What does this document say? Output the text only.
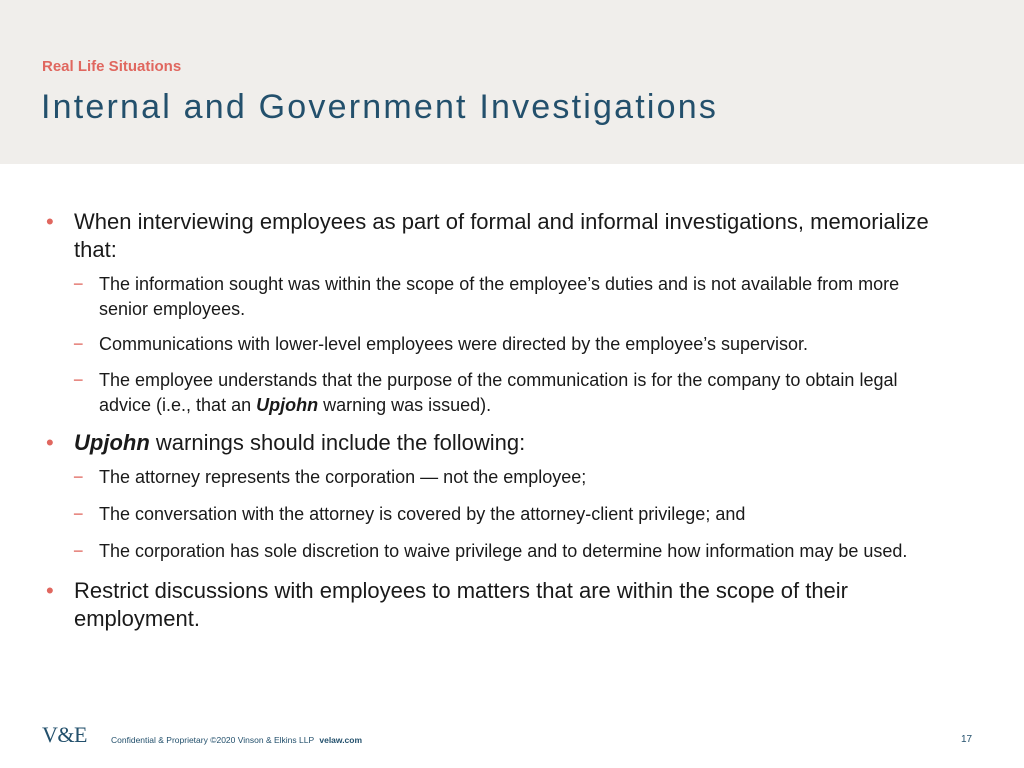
Real Life Situations
Internal and Government Investigations
• When interviewing employees as part of formal and informal investigations, memorialize that:
− The information sought was within the scope of the employee’s duties and is not available from more senior employees.
− Communications with lower-level employees were directed by the employee’s supervisor.
− The employee understands that the purpose of the communication is for the company to obtain legal advice (i.e., that an Upjohn warning was issued).
• Upjohn warnings should include the following:
− The attorney represents the corporation — not the employee;
− The conversation with the attorney is covered by the attorney-client privilege; and
− The corporation has sole discretion to waive privilege and to determine how information may be used.
• Restrict discussions with employees to matters that are within the scope of their employment.
V&E	Confidential & Proprietary ©2020 Vinson & Elkins LLP velaw.com	17
